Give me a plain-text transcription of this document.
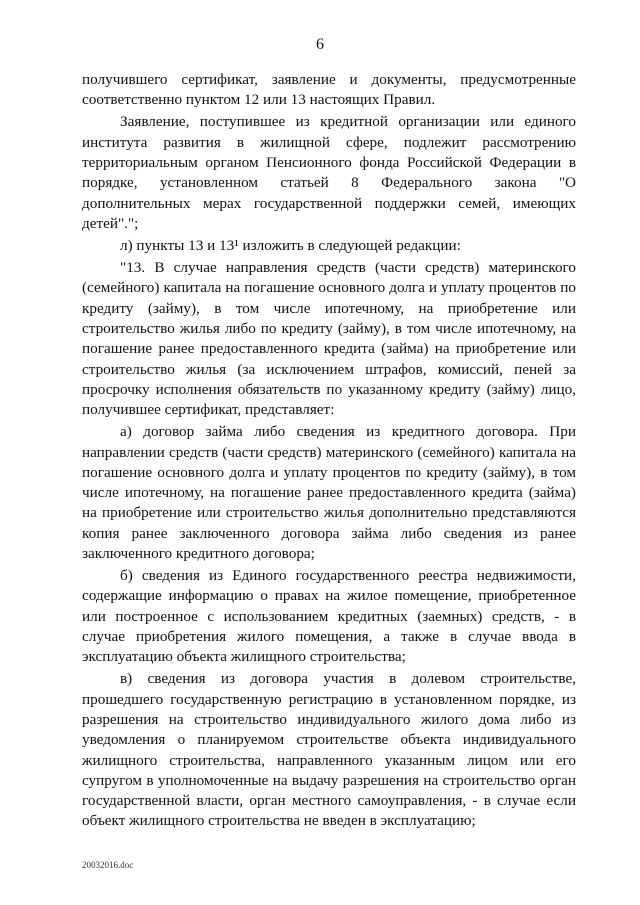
6

получившего сертификат, заявление и документы, предусмотренные соответственно пунктом 12 или 13 настоящих Правил.

Заявление, поступившее из кредитной организации или единого института развития в жилищной сфере, подлежит рассмотрению территориальным органом Пенсионного фонда Российской Федерации в порядке, установленном статьей 8 Федерального закона "О дополнительных мерах государственной поддержки семей, имеющих детей".";

л) пункты 13 и 13¹ изложить в следующей редакции:

"13. В случае направления средств (части средств) материнского (семейного) капитала на погашение основного долга и уплату процентов по кредиту (займу), в том числе ипотечному, на приобретение или строительство жилья либо по кредиту (займу), в том числе ипотечному, на погашение ранее предоставленного кредита (займа) на приобретение или строительство жилья (за исключением штрафов, комиссий, пеней за просрочку исполнения обязательств по указанному кредиту (займу) лицо, получившее сертификат, представляет:

а) договор займа либо сведения из кредитного договора. При направлении средств (части средств) материнского (семейного) капитала на погашение основного долга и уплату процентов по кредиту (займу), в том числе ипотечному, на погашение ранее предоставленного кредита (займа) на приобретение или строительство жилья дополнительно представляются копия ранее заключенного договора займа либо сведения из ранее заключенного кредитного договора;

б) сведения из Единого государственного реестра недвижимости, содержащие информацию о правах на жилое помещение, приобретенное или построенное с использованием кредитных (заемных) средств, - в случае приобретения жилого помещения, а также в случае ввода в эксплуатацию объекта жилищного строительства;

в) сведения из договора участия в долевом строительстве, прошедшего государственную регистрацию в установленном порядке, из разрешения на строительство индивидуального жилого дома либо из уведомления о планируемом строительстве объекта индивидуального жилищного строительства, направленного указанным лицом или его супругом в уполномоченные на выдачу разрешения на строительство орган государственной власти, орган местного самоуправления, - в случае если объект жилищного строительства не введен в эксплуатацию;

20032016.doc
